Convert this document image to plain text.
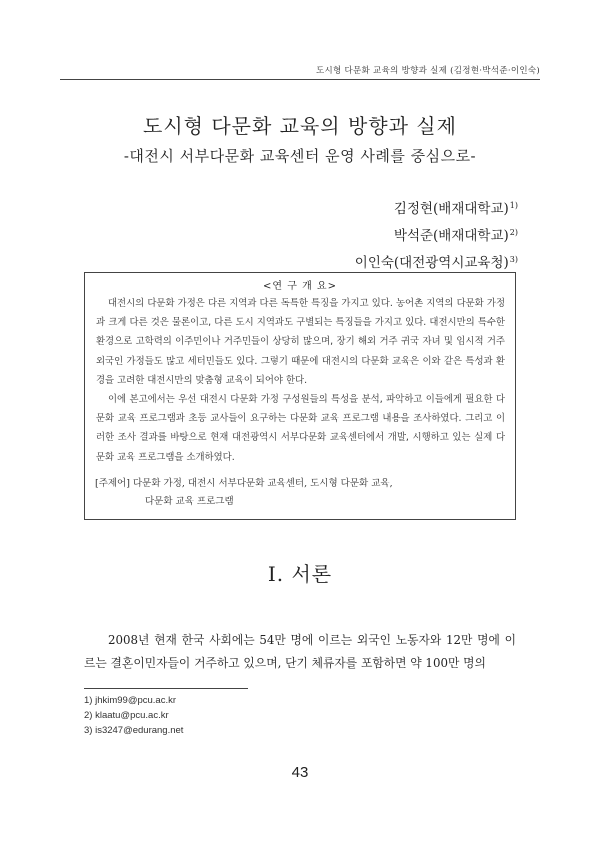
도시형 다문화 교육의 방향과 실제 (김정현·박석준·이인숙)
도시형 다문화 교육의 방향과 실제
-대전시 서부다문화 교육센터 운영 사례를 중심으로-
김정현(배재대학교)$^{1)}$
박석준(배재대학교)$^{2)}$
이인숙(대전광역시교육청)$^{3)}$
<연 구 개 요>

대전시의 다문화 가정은 다른 지역과 다른 독특한 특징을 가지고 있다. 농어촌 지역의 다문화 가정과 크게 다른 것은 물론이고, 다른 도시 지역과도 구별되는 특징들을 가지고 있다. 대전시만의 특수한 환경으로 고학력의 이주민이나 거주민들이 상당히 많으며, 장기 해외 거주 귀국 자녀 및 임시적 거주 외국인 가정들도 많고 세터민들도 있다. 그렇기 때문에 대전시의 다문화 교육은 이와 같은 특성과 환경을 고려한 대전시만의 맞춤형 교육이 되어야 한다.

이에 본고에서는 우선 대전시 다문화 가정 구성원들의 특성을 분석, 파악하고 이들에게 필요한 다문화 교육 프로그램과 초등 교사들이 요구하는 다문화 교육 프로그램 내용을 조사하였다. 그리고 이러한 조사 결과를 바탕으로 현재 대전광역시 서부다문화 교육센터에서 개발, 시행하고 있는 실제 다문화 교육 프로그램을 소개하였다.

[주제어] 다문화 가정, 대전시 서부다문화 교육센터, 도시형 다문화 교육,
다문화 교육 프로그램
I. 서론

2008년 현재 한국 사회에는 54만 명에 이르는 외국인 노동자와 12만 명에 이르는 결혼이민자들이 거주하고 있으며, 단기 체류자를 포함하면 약 100만 명의

1) jhkim99@pcu.ac.kr
2) klaatu@pcu.ac.kr
3) is3247@edurang.net
43
